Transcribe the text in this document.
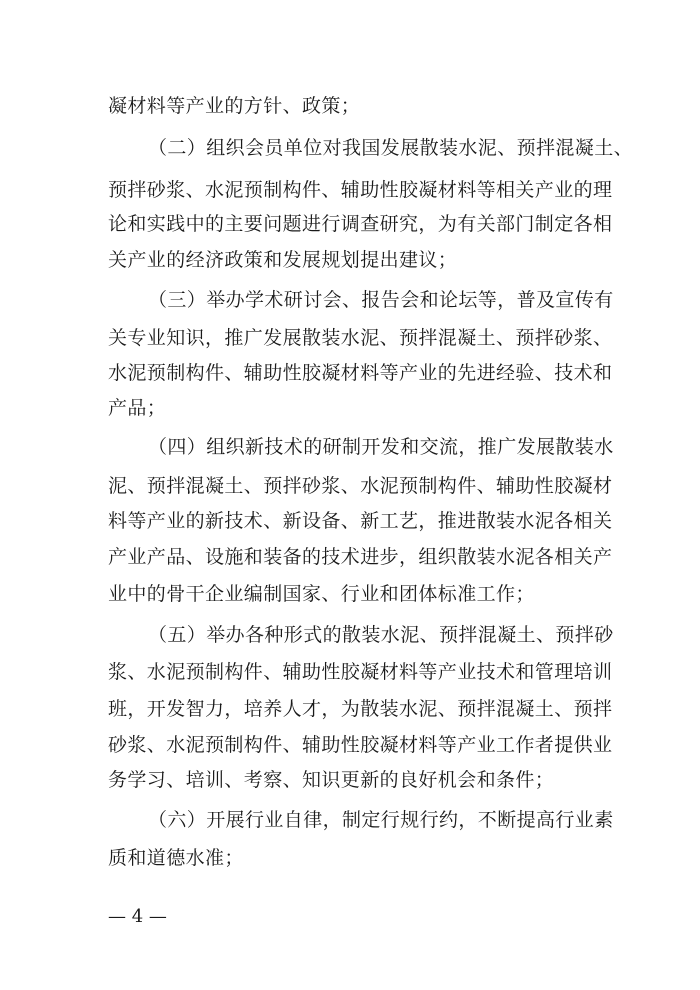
凝材料等产业的方针、政策；
（二）组织会员单位对我国发展散装水泥、预拌混凝土、
预拌砂浆、水泥预制构件、辅助性胶凝材料等相关产业的理
论和实践中的主要问题进行调查研究，为有关部门制定各相
关产业的经济政策和发展规划提出建议；
（三）举办学术研讨会、报告会和论坛等，普及宣传有
关专业知识，推广发展散装水泥、预拌混凝土、预拌砂浆、
水泥预制构件、辅助性胶凝材料等产业的先进经验、技术和
产品；
（四）组织新技术的研制开发和交流，推广发展散装水
泥、预拌混凝土、预拌砂浆、水泥预制构件、辅助性胶凝材
料等产业的新技术、新设备、新工艺，推进散装水泥各相关
产业产品、设施和装备的技术进步，组织散装水泥各相关产
业中的骨干企业编制国家、行业和团体标准工作；
（五）举办各种形式的散装水泥、预拌混凝土、预拌砂
浆、水泥预制构件、辅助性胶凝材料等产业技术和管理培训
班，开发智力，培养人才，为散装水泥、预拌混凝土、预拌
砂浆、水泥预制构件、辅助性胶凝材料等产业工作者提供业
务学习、培训、考察、知识更新的良好机会和条件；
（六）开展行业自律，制定行规行约，不断提高行业素
质和道德水准；
— 4 —
